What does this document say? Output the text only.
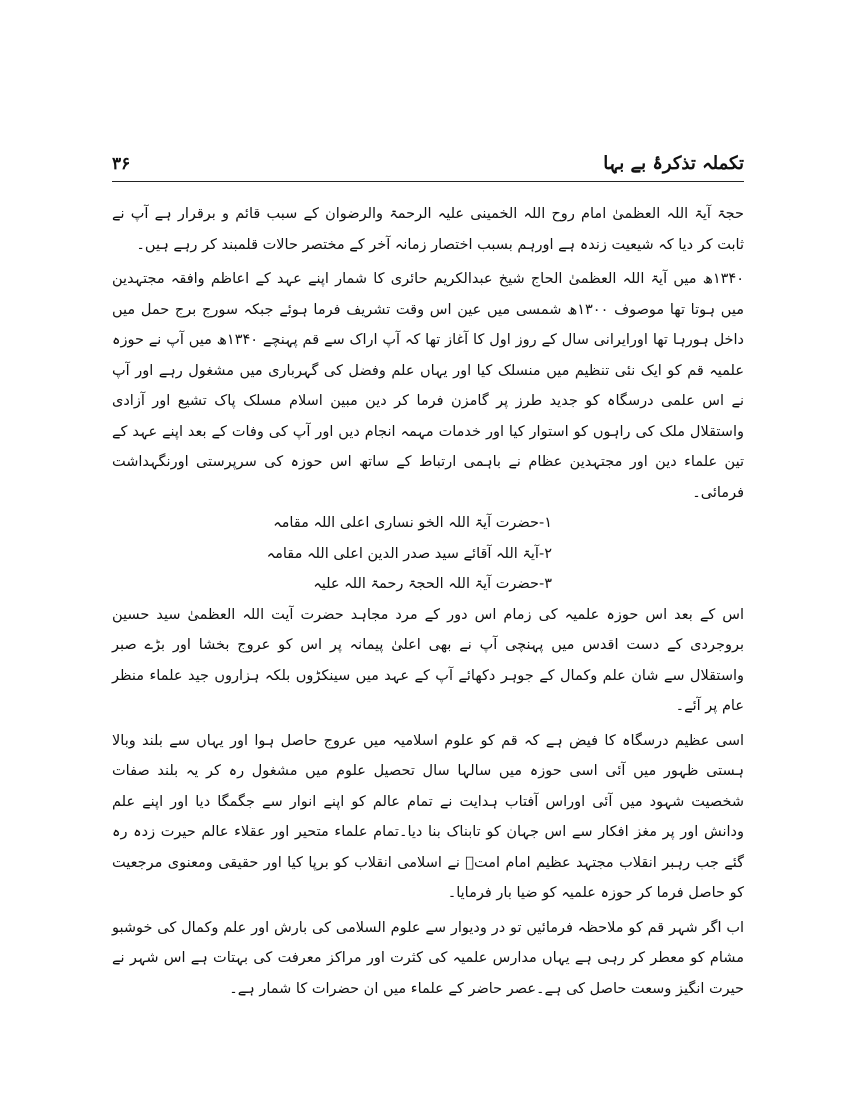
تکملہ تذکرۂ بے بہا
۳۶

حجۃ آیۃ اللہ العظمیٰ امام روح اللہ الخمینی علیہ الرحمۃ والرضوان کے سبب قائم و برقرار ہے آپ نے ثابت کر دیا کہ شیعیت زندہ ہے اورہم بسبب اختصار زمانہ آخر کے مختصر حالات قلمبند کر رہے ہیں۔

۱۳۴۰ھ میں آیۃ اللہ العظمیٰ الحاج شیخ عبدالکریم حائری کا شمار اپنے عہد کے اعاظم وافقہ مجتہدین میں ہوتا تھا موصوف ۱۳۰۰ھ شمسی میں عین اس وقت تشریف فرما ہوئے جبکہ سورج برج حمل میں داخل ہورہا تھا اورایرانی سال کے روز اول کا آغاز تھا کہ آپ اراک سے قم پہنچے ۱۳۴۰ھ میں آپ نے حوزہ علمیہ قم کو ایک نئی تنظیم میں منسلک کیا اور یہاں علم وفضل کی گہرباری میں مشغول رہے اور آپ نے اس علمی درسگاہ کو جدید طرز پر گامزن فرما کر دین مبین اسلام مسلک پاک تشیع اور آزادی واستقلال ملک کی راہوں کو استوار کیا اور خدمات مہمہ انجام دیں اور آپ کی وفات کے بعد اپنے عہد کے تین علماء دین اور مجتہدین عظام نے باہمی ارتباط کے ساتھ اس حوزہ کی سرپرستی اورنگہداشت فرمائی۔

۱-حضرت آیۃ اللہ الخو نساری اعلی اللہ مقامہ
۲-آیۃ اللہ آقائے سید صدر الدین اعلی اللہ مقامہ
۳-حضرت آیۃ اللہ الحجۃ رحمۃ اللہ علیہ

اس کے بعد اس حوزہ علمیہ کی زمام اس دور کے مرد مجاہد حضرت آیت اللہ العظمیٰ سید حسین بروجردی کے دست اقدس میں پہنچی آپ نے بھی اعلیٰ پیمانہ پر اس کو عروج بخشا اور بڑے صبر واستقلال سے شان علم وکمال کے جوہر دکھائے آپ کے عہد میں سینکڑوں بلکہ ہزاروں جید علماء منظر عام پر آئے۔

اسی عظیم درسگاہ کا فیض ہے کہ قم کو علوم اسلامیہ میں عروج حاصل ہوا اور یہاں سے بلند وبالا ہستی ظہور میں آئی اسی حوزہ میں سالہا سال تحصیل علوم میں مشغول رہ کر یہ بلند صفات شخصیت شہود میں آئی اوراس آفتاب ہدایت نے تمام عالم کو اپنے انوار سے جگمگا دیا اور اپنے علم ودانش اور پر مغز افکار سے اس جہان کو تابناک بنا دیا۔تمام علماء متحیر اور عقلاء عالم حیرت زدہ رہ گئے جب رہبر انقلاب مجتہد عظیم امام امتؒ نے اسلامی انقلاب کو برپا کیا اور حقیقی ومعنوی مرجعیت کو حاصل فرما کر حوزہ علمیہ کو ضیا بار فرمایا۔

اب اگر شہر قم کو ملاحظہ فرمائیں تو در ودیوار سے علوم السلامی کی بارش اور علم وکمال کی خوشبو مشام کو معطر کر رہی ہے یہاں مدارس علمیہ کی کثرت اور مراکز معرفت کی بہتات ہے اس شہر نے حیرت انگیز وسعت حاصل کی ہے۔عصر حاضر کے علماء میں ان حضرات کا شمار ہے۔
